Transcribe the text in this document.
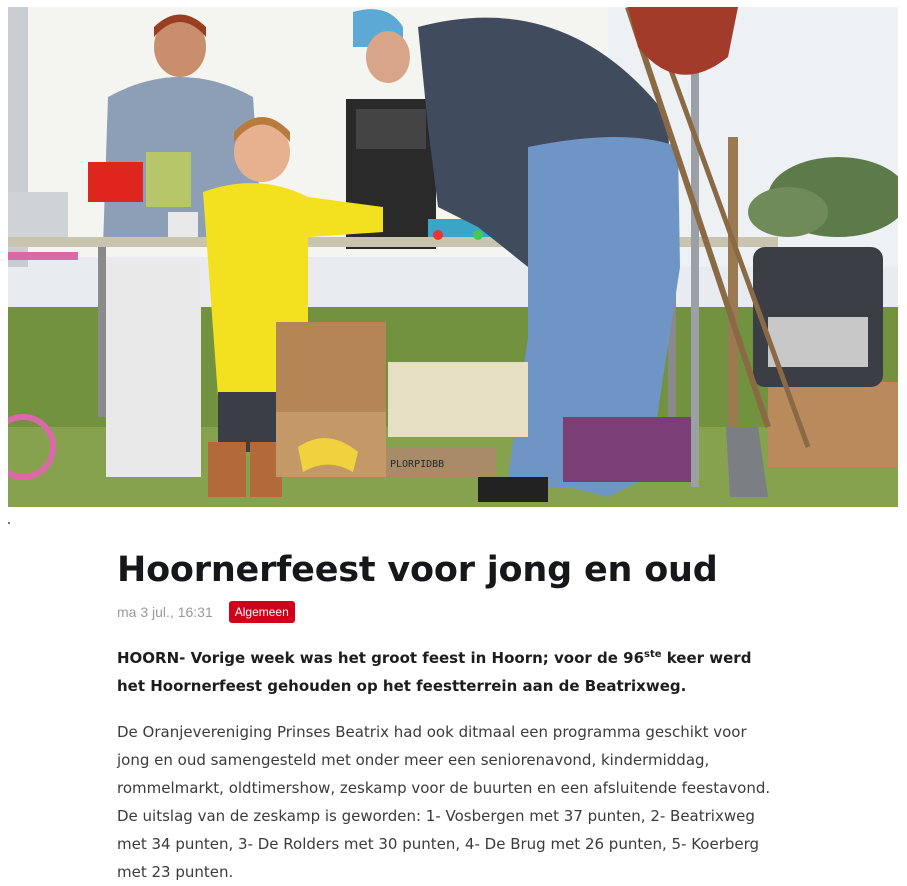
PLORPIDBB
Hoornerfeest voor jong en oud
ma 3 jul., 16:31	Algemeen

HOORN- Vorige week was het groot feest in Hoorn; voor de 96ste keer werd het Hoornerfeest gehouden op het feestterrein aan de Beatrixweg.

De Oranjevereniging Prinses Beatrix had ook ditmaal een programma geschikt voor jong en oud samengesteld met onder meer een seniorenavond, kindermiddag, rommelmarkt, oldtimershow, zeskamp voor de buurten en een afsluitende feestavond. De uitslag van de zeskamp is geworden: 1- Vosbergen met 37 punten, 2- Beatrixweg met 34 punten, 3- De Rolders met 30 punten, 4- De Brug met 26 punten, 5- Koerberg met 23 punten.
